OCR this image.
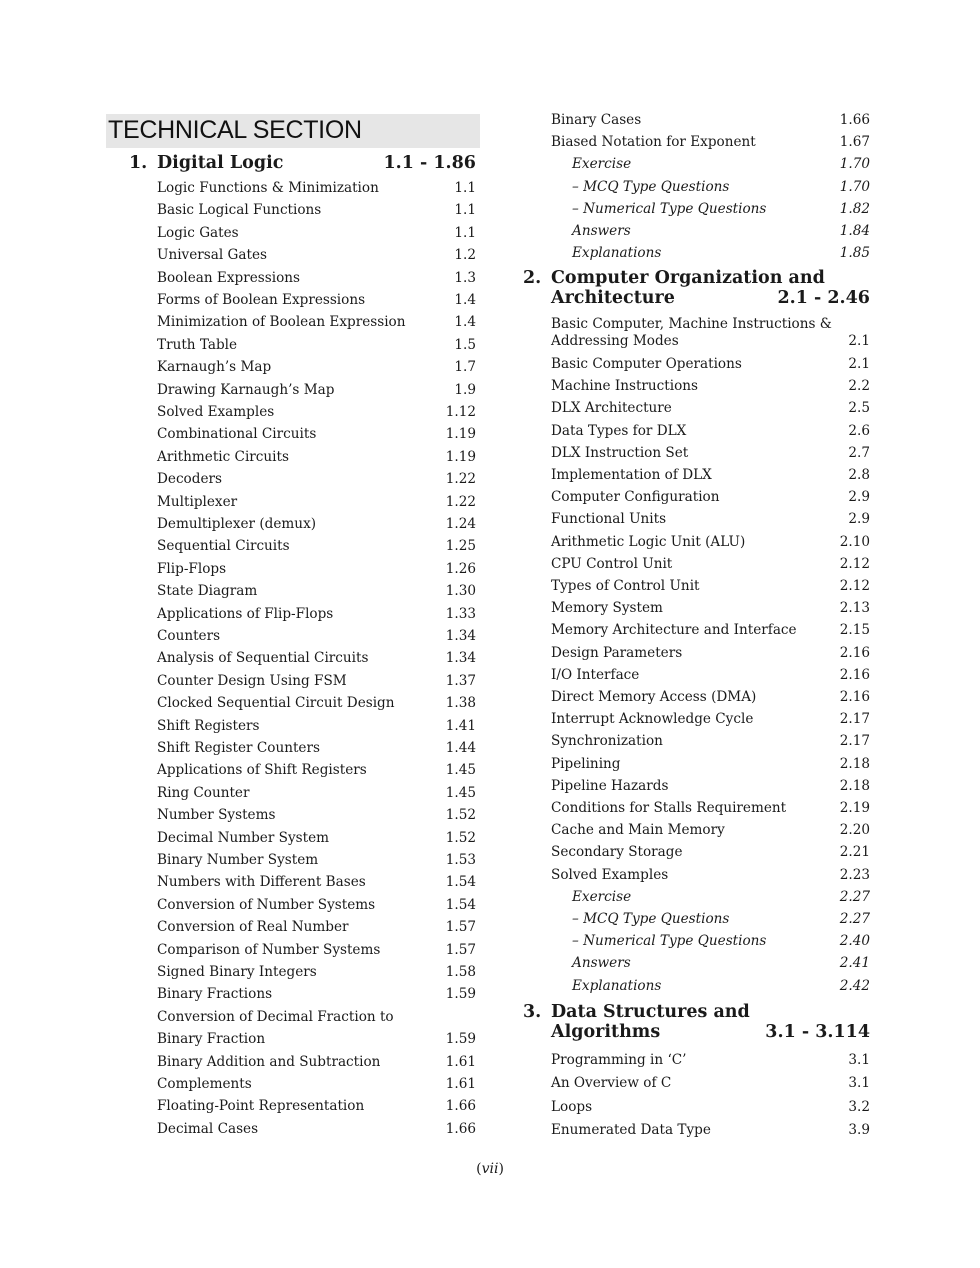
TECHNICAL SECTION
1. Digital Logic	1.1 - 1.86
Logic Functions & Minimization	1.1
Basic Logical Functions	1.1
Logic Gates	1.1
Universal Gates	1.2
Boolean Expressions	1.3
Forms of Boolean Expressions	1.4
Minimization of Boolean Expression	1.4
Truth Table	1.5
Karnaugh’s Map	1.7
Drawing Karnaugh’s Map	1.9
Solved Examples	1.12
Combinational Circuits	1.19
Arithmetic Circuits	1.19
Decoders	1.22
Multiplexer	1.22
Demultiplexer (demux)	1.24
Sequential Circuits	1.25
Flip-Flops	1.26
State Diagram	1.30
Applications of Flip-Flops	1.33
Counters	1.34
Analysis of Sequential Circuits	1.34
Counter Design Using FSM	1.37
Clocked Sequential Circuit Design	1.38
Shift Registers	1.41
Shift Register Counters	1.44
Applications of Shift Registers	1.45
Ring Counter	1.45
Number Systems	1.52
Decimal Number System	1.52
Binary Number System	1.53
Numbers with Different Bases	1.54
Conversion of Number Systems	1.54
Conversion of Real Number	1.57
Comparison of Number Systems	1.57
Signed Binary Integers	1.58
Binary Fractions	1.59
Conversion of Decimal Fraction to
Binary Fraction	1.59
Binary Addition and Subtraction	1.61
Complements	1.61
Floating-Point Representation	1.66
Decimal Cases	1.66
Binary Cases	1.66
Biased Notation for Exponent	1.67
Exercise	1.70
– MCQ Type Questions	1.70
– Numerical Type Questions	1.82
Answers	1.84
Explanations	1.85
2. Computer Organization and
Architecture	2.1 - 2.46
Basic Computer, Machine Instructions &
Addressing Modes	2.1
Basic Computer Operations	2.1
Machine Instructions	2.2
DLX Architecture	2.5
Data Types for DLX	2.6
DLX Instruction Set	2.7
Implementation of DLX	2.8
Computer Configuration	2.9
Functional Units	2.9
Arithmetic Logic Unit (ALU)	2.10
CPU Control Unit	2.12
Types of Control Unit	2.12
Memory System	2.13
Memory Architecture and Interface	2.15
Design Parameters	2.16
I/O Interface	2.16
Direct Memory Access (DMA)	2.16
Interrupt Acknowledge Cycle	2.17
Synchronization	2.17
Pipelining	2.18
Pipeline Hazards	2.18
Conditions for Stalls Requirement	2.19
Cache and Main Memory	2.20
Secondary Storage	2.21
Solved Examples	2.23
Exercise	2.27
– MCQ Type Questions	2.27
– Numerical Type Questions	2.40
Answers	2.41
Explanations	2.42
3. Data Structures and
Algorithms	3.1 - 3.114
Programming in ‘C’	3.1
An Overview of C	3.1
Loops	3.2
Enumerated Data Type	3.9
(vii)
